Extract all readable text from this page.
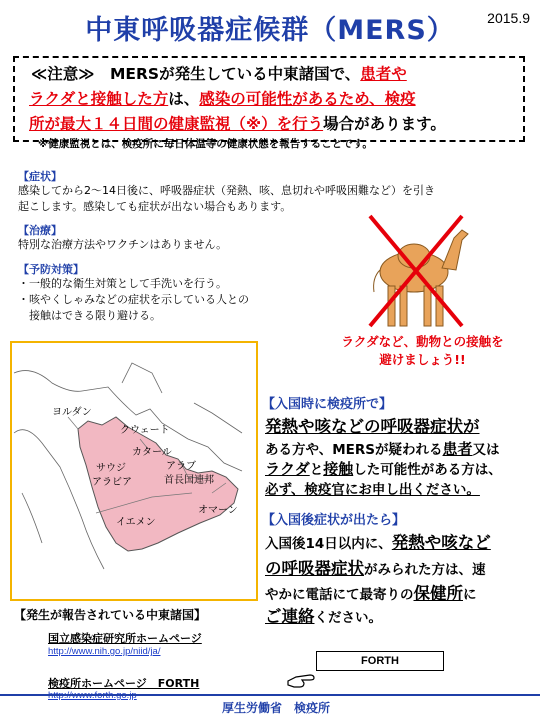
2015.9
中東呼吸器症候群（MERS）
≪注意≫　MERSが発生している中東諸国で、患者や
ラクダと接触した方は、感染の可能性があるため、検疫
所が最大１４日間の健康監視（※）を行う場合があります。
※健康監視とは、検疫所に毎日体温等の健康状態を報告することです。
【症状】
感染してから2～14日後に、呼吸器症状（発熱、咳、息切れや呼吸困難など）を引き
起こします。感染しても症状が出ない場合もあります。
【治療】
特別な治療方法やワクチンはありません。
【予防対策】
・一般的な衛生対策として手洗いを行う。
・咳やくしゃみなどの症状を示している人との
　接触はできる限り避ける。
ラクダなど、動物との接触を
避けましょう!!
ヨルダン
クウェート
カタール
サウジ
アラビア
アラブ
首長国連邦
オマーン
イエメン
【発生が報告されている中東諸国】
【入国時に検疫所で】
発熱や咳などの呼吸器症状が
ある方や、MERSが疑われる患者又は
ラクダと接触した可能性がある方は、
必ず、検疫官にお申し出ください。
【入国後症状が出たら】
入国後14日以内に、発熱や咳など
の呼吸器症状がみられた方は、速
やかに電話にて最寄りの保健所に
ご連絡ください。
国立感染症研究所ホームページ
http://www.nih.go.jp/niid/ja/
検疫所ホームページ　FORTH
FORTH
厚生労働省　検疫所
